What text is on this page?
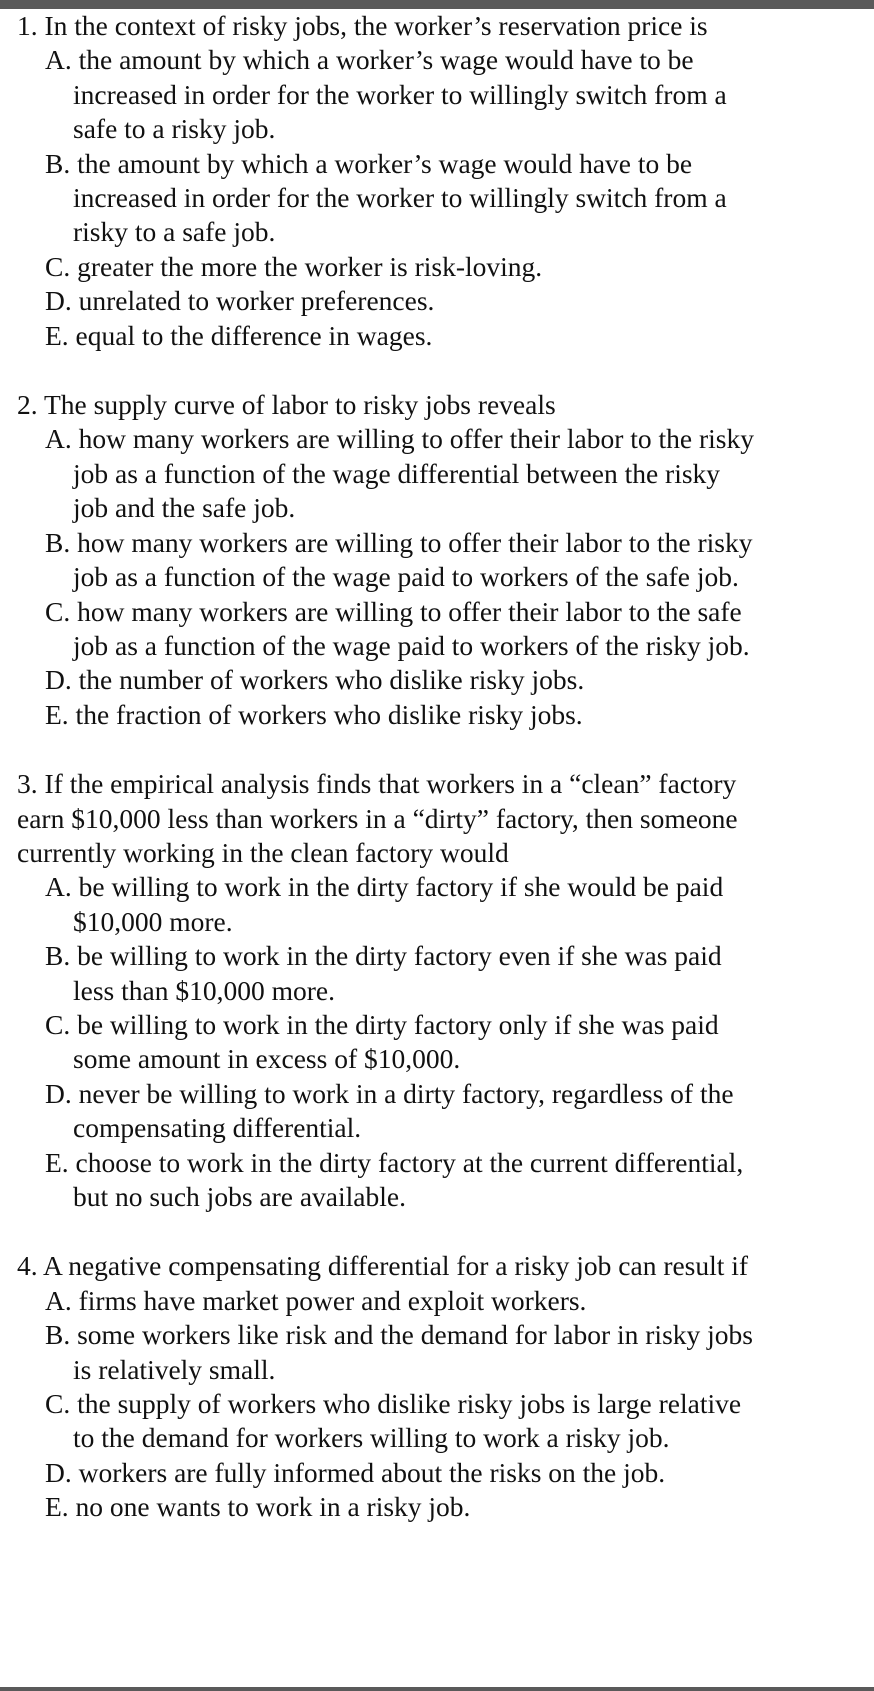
1. In the context of risky jobs, the worker’s reservation price is

A. the amount by which a worker’s wage would have to be increased in order for the worker to willingly switch from a safe to a risky job.
B. the amount by which a worker’s wage would have to be increased in order for the worker to willingly switch from a risky to a safe job.
C. greater the more the worker is risk-loving.
D. unrelated to worker preferences.
E. equal to the difference in wages.

2. The supply curve of labor to risky jobs reveals

A. how many workers are willing to offer their labor to the risky job as a function of the wage differential between the risky job and the safe job.
B. how many workers are willing to offer their labor to the risky job as a function of the wage paid to workers of the safe job.
C. how many workers are willing to offer their labor to the safe job as a function of the wage paid to workers of the risky job.
D. the number of workers who dislike risky jobs.
E. the fraction of workers who dislike risky jobs.

3. If the empirical analysis finds that workers in a “clean” factory earn $10,000 less than workers in a “dirty” factory, then someone currently working in the clean factory would

A. be willing to work in the dirty factory if she would be paid $10,000 more.
B. be willing to work in the dirty factory even if she was paid less than $10,000 more.
C. be willing to work in the dirty factory only if she was paid some amount in excess of $10,000.
D. never be willing to work in a dirty factory, regardless of the compensating differential.
E. choose to work in the dirty factory at the current differential, but no such jobs are available.

4. A negative compensating differential for a risky job can result if

A. firms have market power and exploit workers.
B. some workers like risk and the demand for labor in risky jobs is relatively small.
C. the supply of workers who dislike risky jobs is large relative to the demand for workers willing to work a risky job.
D. workers are fully informed about the risks on the job.
E. no one wants to work in a risky job.
